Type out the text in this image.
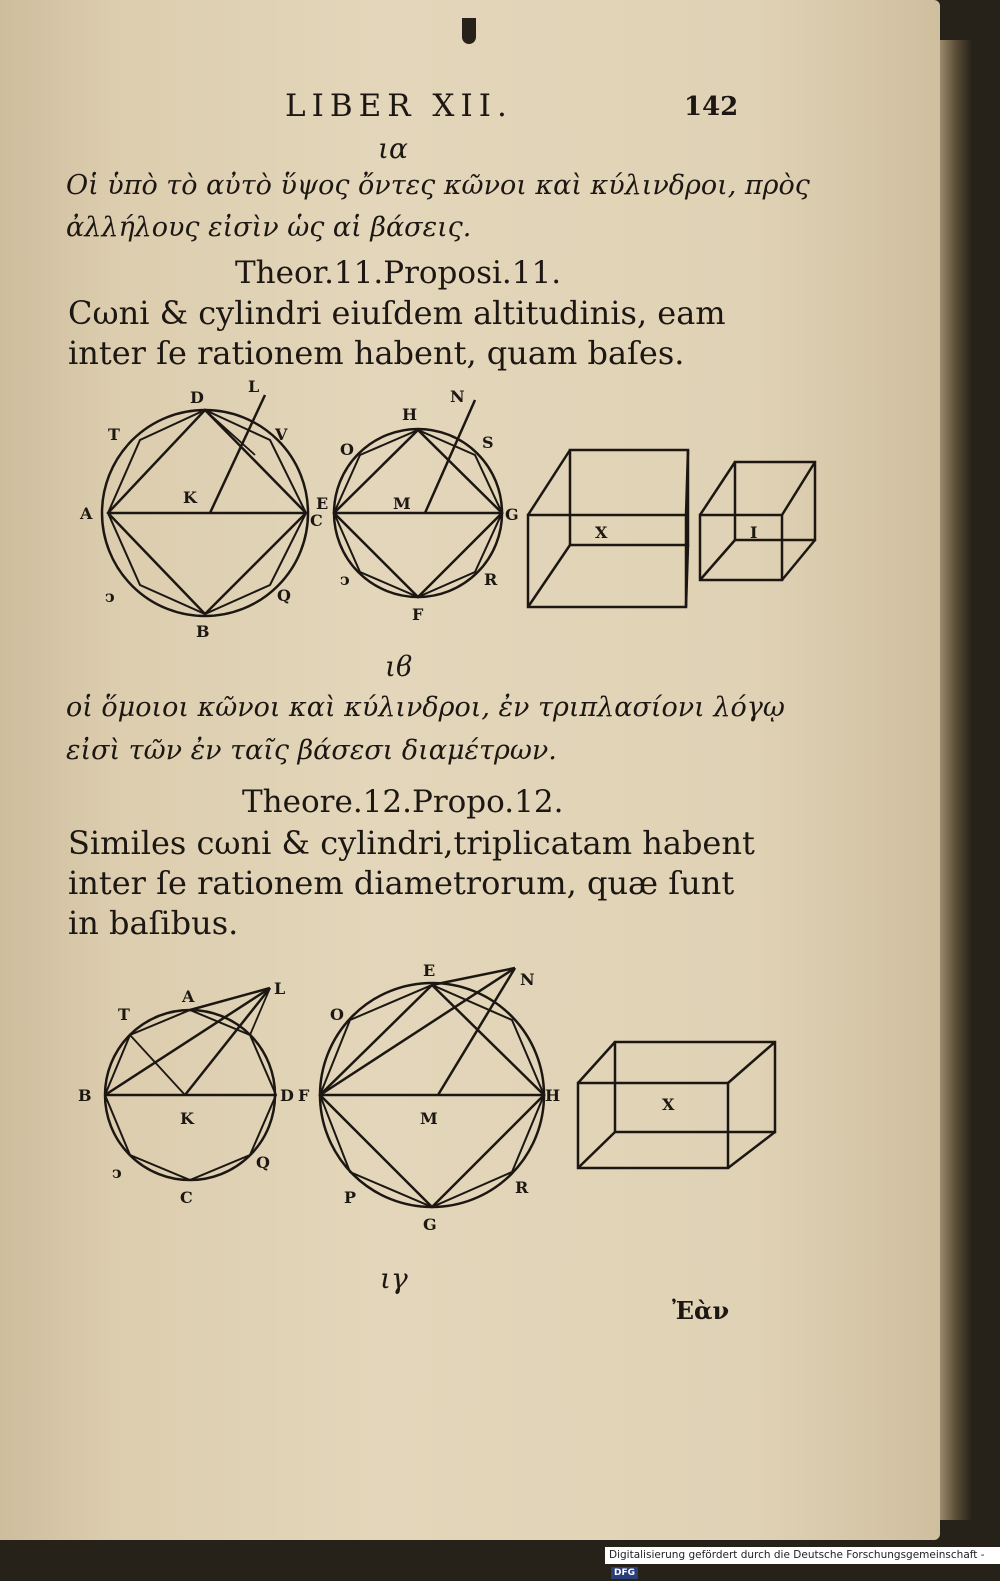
LIBER XII.	142
ια
Οἱ ὑπὸ τὸ αὐτὸ ὕψος ὄντες κῶνοι καὶ κύλινδροι, πρὸς
ἀλλήλους εἰσὶν ὡς αἱ βάσεις.
Theor.11.Proposi.11.
Cωni & cylindri eiuſdem altitudinis, eam
inter ſe rationem habent, quam baſes.
D
L
T	V
A
K
C
B
Q
ↄ
H
N
O	S
E	M
G
R
F
ↄ
X	I
ιϐ
οἱ ὅμοιοι κῶνοι καὶ κύλινδροι, ἐν τριπλασίονι λόγῳ
εἰσὶ τῶν ἐν ταῖς βάσεσι διαμέτρων.
Theore.12.Propo.12.
Similes cωni & cylindri,triplicatam habent
inter ſe rationem diametrorum, quæ ſunt
in baſibus.
T
A	L
B
K
D
ↄ
Q
C
E	N
O
F
M
H
P
R
G
X
ιγ
Ἐὰν
Digitalisierung gefördert durch die Deutsche Forschungsgemeinschaft - DFG
